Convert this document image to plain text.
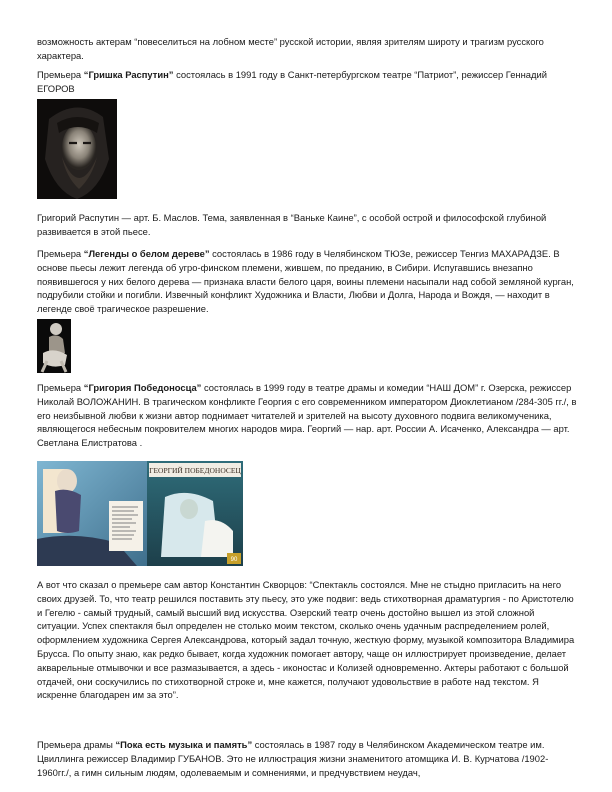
возможность актерам “повеселиться на лобном месте” русской истории, являя зрителям широту и трагизм русского характера.

Премьера “Гришка Распутин” состоялась в 1991 году в Санкт-петербургском театре “Патриот”, режиссер Геннадий ЕГОРОВ

Григорий Распутин — арт. Б. Маслов. Тема, заявленная в “Ваньке Каине”, с особой острой и философской глубиной развивается в этой пьесе.

Премьера “Легенды о белом дереве” состоялась в 1986 году в Челябинском ТЮЗе, режиссер Тенгиз МАХАРАДЗЕ. В основе пьесы лежит легенда об угро-финском племени, жившем, по преданию, в Сибири. Испугавшись внезапно появившегося у них белого дерева — признака власти белого царя, воины племени насыпали над собой земляной курган, подрубили стойки и погибли. Извечный конфликт Художника и Власти, Любви и Долга, Народа и Вождя, — находит в легенде своё трагическое разрешение.

Премьера “Григория Победоносца” состоялась в 1999 году в театре драмы и комедии “НАШ ДОМ” г. Озерска, режиссер Николай ВОЛОЖАНИН. В трагическом конфликте Георгия с его современником императором Диоклетианом /284-305 гг./, в его неизбывной любви к жизни автор поднимает читателей и зрителей на высоту духовного подвига великомученика, являющегося небесным покровителем многих народов мира. Георгий — нар. арт. России А. Исаченко, Александра — арт. Светлана Елистратова .

ГЕОРГИЙ ПОБЕДОНОСЕЦ
90

А вот что сказал о премьере сам автор Константин Скворцов: “Спектакль состоялся. Мне не стыдно пригласить на него своих друзей. То, что театр решился поставить эту пьесу, это уже подвиг: ведь стихотворная драматургия - по Аристотелю и Гегелю - самый трудный, самый высший вид искусства. Озерский театр очень достойно вышел из этой сложной ситуации. Успех спектакля был определен не столько моим текстом, сколько очень удачным распределением ролей, оформлением художника Сергея Александрова, который задал точную, жесткую форму, музыкой композитора Владимира Брусса. По опыту знаю, как редко бывает, когда художник помогает автору, чаще он иллюстрирует произведение, делает акварельные отмывочки и все размазывается, а здесь - иконостас и Колизей одновременно. Актеры работают с большой отдачей, они соскучились по стихотворной строке и, мне кажется, получают удовольствие в работе над текстом. Я искренне благодарен им за это”.

Премьера драмы “Пока есть музыка и память” состоялась в 1987 году в Челябинском Академическом театре им. Цвиллинга режиссер Владимир ГУБАНОВ. Это не иллюстрация жизни знаменитого атомщика И. В. Курчатова /1902-1960гг./, а гимн сильным людям, одолеваемым и сомнениями, и предчувствием неудач,
